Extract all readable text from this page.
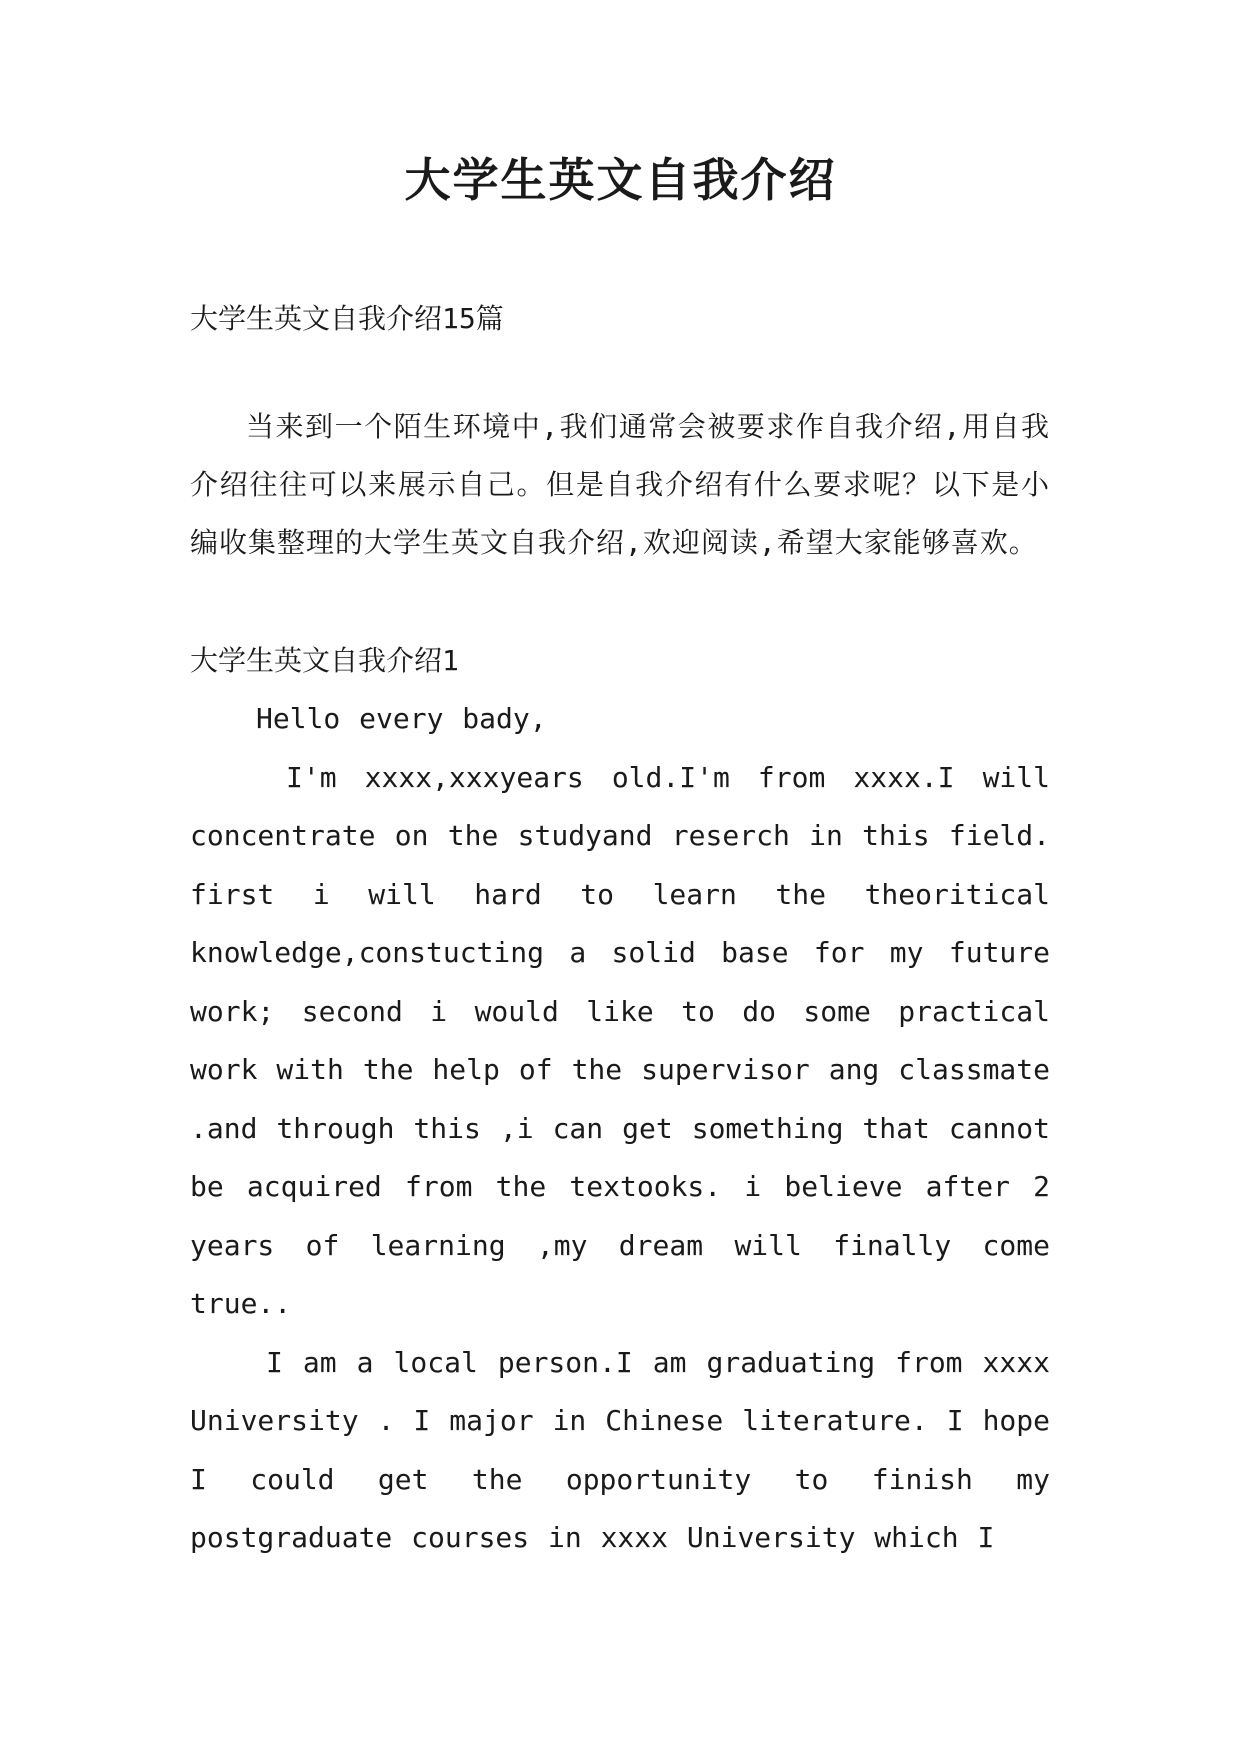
大学生英文自我介绍

大学生英文自我介绍15篇

当来到一个陌生环境中,我们通常会被要求作自我介绍,用自我介绍往往可以来展示自己。但是自我介绍有什么要求呢？以下是小编收集整理的大学生英文自我介绍,欢迎阅读,希望大家能够喜欢。

大学生英文自我介绍1

Hello every bady,

I'm xxxx,xxxyears old.I'm from xxxx.I will concentrate on the studyand reserch in this field. first i will hard to learn the theoritical knowledge,constucting a solid base for my future work; second i would like to do some practical work with the help of the supervisor ang classmate .and through this ,i can get something that cannot be acquired from the textooks. i believe after 2 years of learning ,my dream will finally come true..

I am a local person.I am graduating from xxxx University . I major in Chinese literature. I hope I could get the opportunity to finish my postgraduate courses in xxxx University which I
